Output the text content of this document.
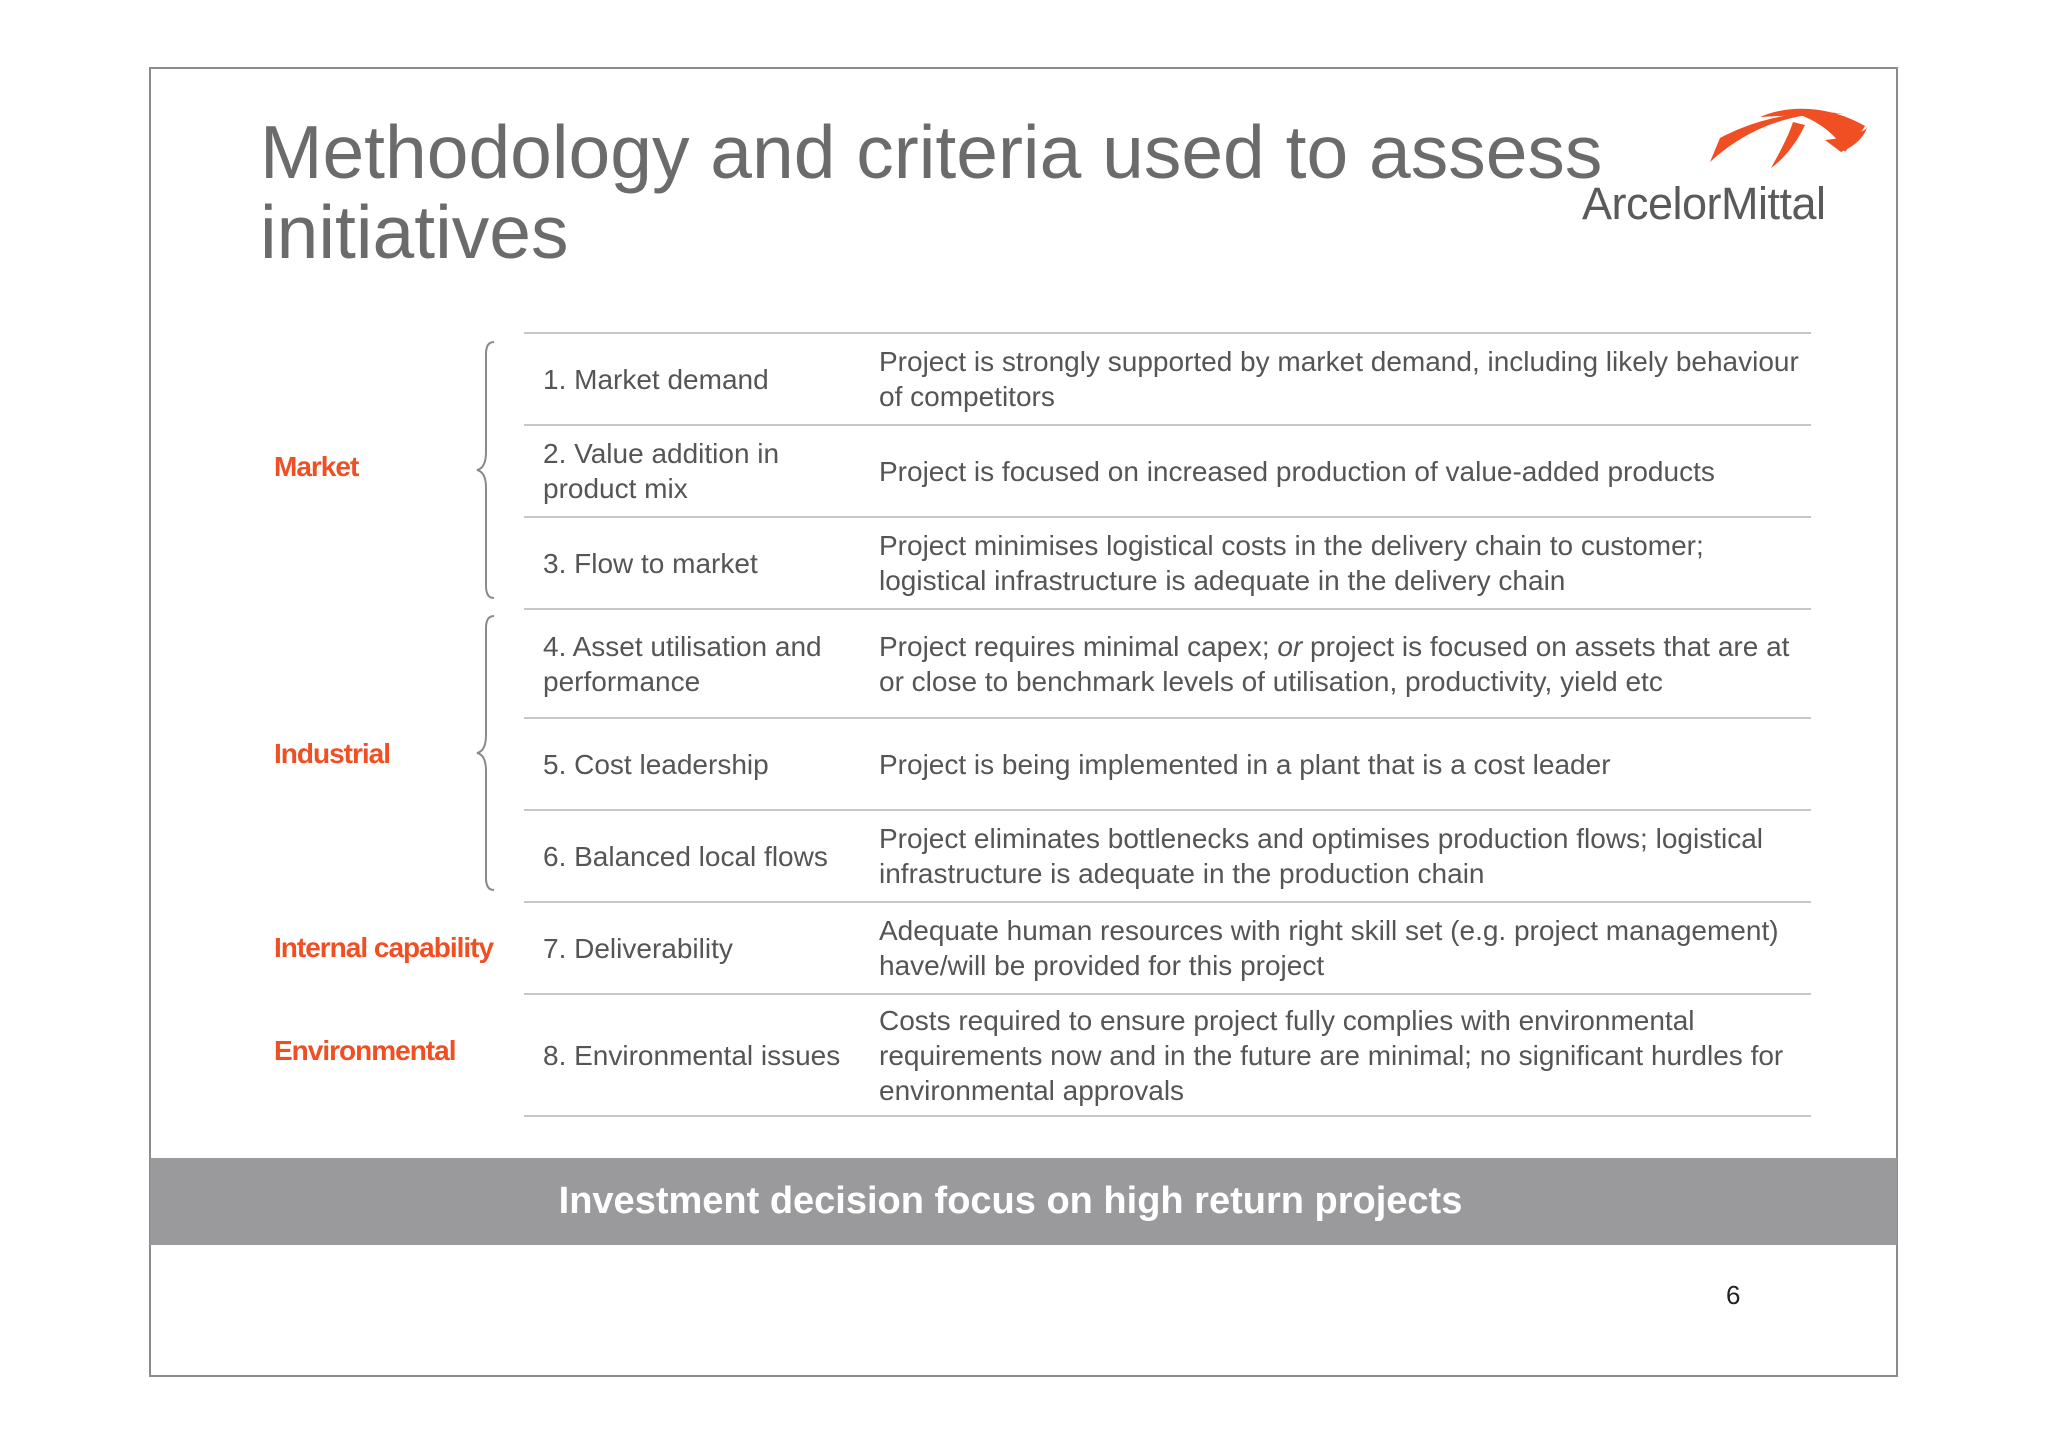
Methodology and criteria used to assess initiatives	ArcelorMittal
Market
Industrial
Internal capability
Environmental
1. Market demand
Project is strongly supported by market demand, including likely behaviour of competitors
2. Value addition in product mix
Project is focused on increased production of value-added products
3. Flow to market
Project minimises logistical costs in the delivery chain to customer; logistical infrastructure is adequate in the delivery chain
4. Asset utilisation and performance
Project requires minimal capex; or project is focused on assets that are at or close to benchmark levels of utilisation, productivity, yield etc
5. Cost leadership	Project is being implemented in a plant that is a cost leader
6. Balanced local flows
Project eliminates bottlenecks and optimises production flows; logistical infrastructure is adequate in the production chain
7. Deliverability
Adequate human resources with right skill set (e.g. project management) have/will be provided for this project
8. Environmental issues
Costs required to ensure project fully complies with environmental requirements now and in the future are minimal; no significant hurdles for environmental approvals
Investment decision focus on high return projects
6
